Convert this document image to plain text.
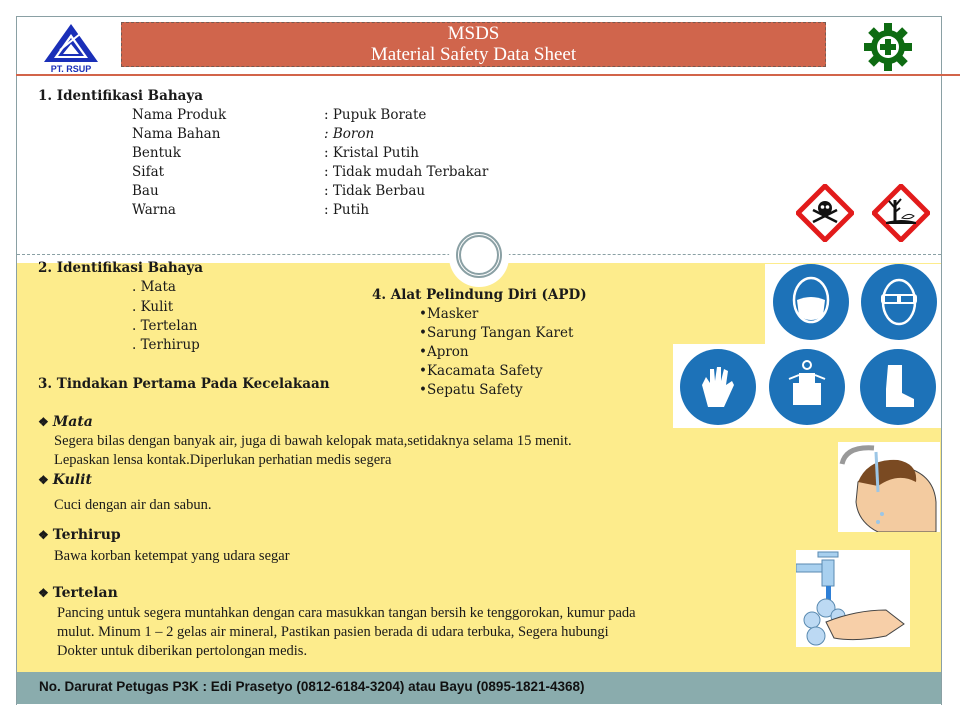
PT. RSUP
MSDS
Material Safety Data Sheet
1. Identifikasi Bahaya
Nama Produk	: Pupuk Borate
Nama Bahan	: Boron
Bentuk	: Kristal Putih
Sifat	: Tidak mudah Terbakar
Bau	: Tidak Berbau
Warna	: Putih
2. Identifikasi Bahaya
. Mata
. Kulit
. Tertelan
. Terhirup
4. Alat Pelindung Diri (APD)
•Masker
•Sarung Tangan Karet
•Apron
•Kacamata Safety
•Sepatu Safety
3. Tindakan Pertama Pada Kecelakaan
❖ Mata
Segera bilas dengan banyak air, juga di bawah kelopak mata,setidaknya selama 15 menit.
Lepaskan lensa kontak.Diperlukan perhatian medis segera
❖ Kulit
Cuci dengan air dan sabun.
❖ Terhirup
Bawa korban ketempat yang udara segar
❖ Tertelan
Pancing untuk segera muntahkan dengan cara masukkan tangan bersih ke tenggorokan, kumur pada
mulut. Minum 1 – 2 gelas air mineral, Pastikan pasien berada di udara terbuka, Segera hubungi
Dokter untuk diberikan pertolongan medis.
No. Darurat Petugas P3K : Edi Prasetyo (0812-6184-3204) atau Bayu (0895-1821-4368)
